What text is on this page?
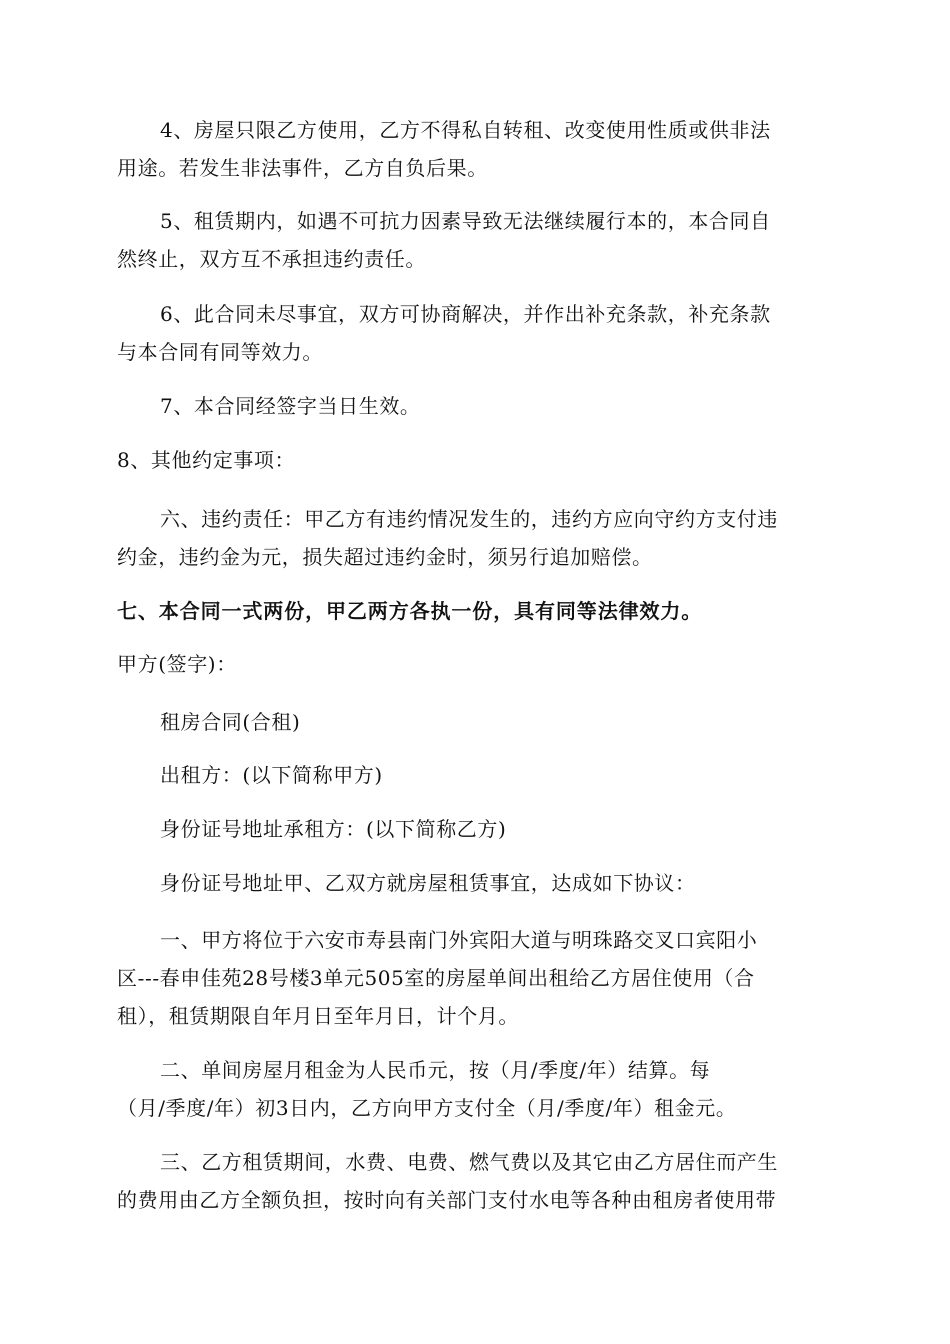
4、房屋只限乙方使用，乙方不得私自转租、改变使用性质或供非法
用途。若发生非法事件，乙方自负后果。

5、租赁期内，如遇不可抗力因素导致无法继续履行本的，本合同自
然终止，双方互不承担违约责任。

6、此合同未尽事宜，双方可协商解决，并作出补充条款，补充条款
与本合同有同等效力。

7、本合同经签字当日生效。

8、其他约定事项：

六、违约责任：甲乙方有违约情况发生的，违约方应向守约方支付违
约金，违约金为元，损失超过违约金时，须另行追加赔偿。

七、本合同一式两份，甲乙两方各执一份，具有同等法律效力。

甲方(签字)：

租房合同(合租)

出租方：(以下简称甲方)

身份证号地址承租方：(以下简称乙方)

身份证号地址甲、乙双方就房屋租赁事宜，达成如下协议：

一、甲方将位于六安市寿县南门外宾阳大道与明珠路交叉口宾阳小
区---春申佳苑28号楼3单元505室的房屋单间出租给乙方居住使用（合
租），租赁期限自年月日至年月日，计个月。

二、单间房屋月租金为人民币元，按（月/季度/年）结算。每
（月/季度/年）初3日内，乙方向甲方支付全（月/季度/年）租金元。

三、乙方租赁期间，水费、电费、燃气费以及其它由乙方居住而产生
的费用由乙方全额负担，按时向有关部门支付水电等各种由租房者使用带
